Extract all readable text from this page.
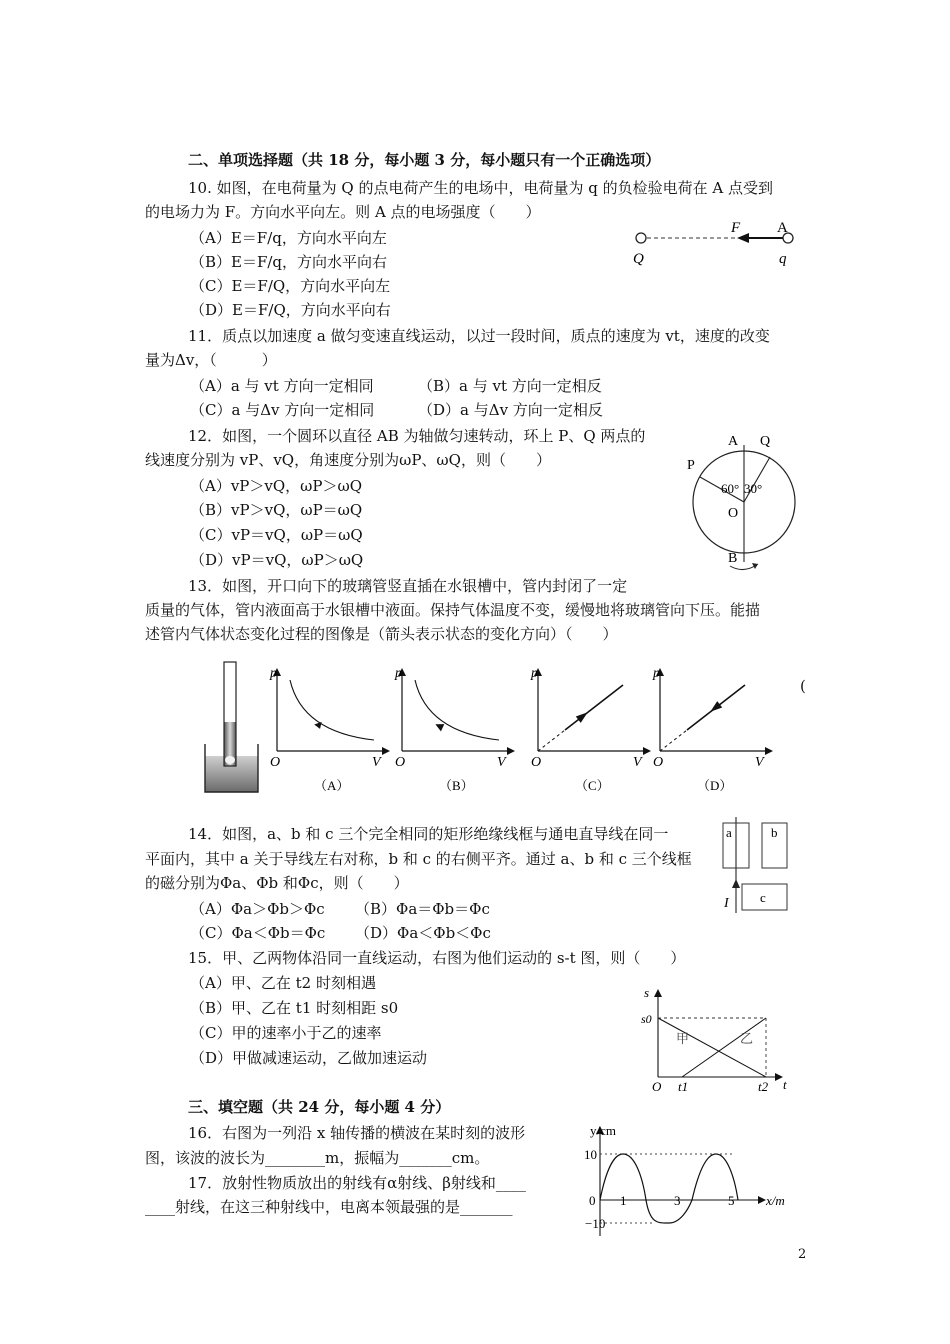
二、单项选择题（共 18 分，每小题 3 分，每小题只有一个正确选项）
10. 如图，在电荷量为 Q 的点电荷产生的电场中，电荷量为 q 的负检验电荷在 A 点受到
的电场力为 F。方向水平向左。则 A 点的电场强度（　　）
（A）E＝F/q，方向水平向左
（B）E＝F/q，方向水平向右
（C）E＝F/Q，方向水平向左
（D）E＝F/Q，方向水平向右
F A
Q	q
11．质点以加速度 a 做匀变速直线运动，以过一段时间，质点的速度为 vt，速度的改变
量为Δv，（　　　）
（A）a 与 vt 方向一定相同	（B）a 与 vt 方向一定相反
（C）a 与Δv 方向一定相同	（D）a 与Δv 方向一定相反
12．如图，一个圆环以直径 AB 为轴做匀速转动，环上 P、Q 两点的
线速度分别为 vP、vQ，角速度分别为ωP、ωQ，则（　　）
（A）vP＞vQ，ωP＞ωQ
（B）vP＞vQ，ωP＝ωQ
（C）vP＝vQ，ωP＝ωQ
（D）vP＝vQ，ωP＞ωQ
A Q
P
60° 30°
O
B
13．如图，开口向下的玻璃管竖直插在水银槽中，管内封闭了一定
质量的气体，管内液面高于水银槽中液面。保持气体温度不变，缓慢地将玻璃管向下压。能描
述管内气体状态变化过程的图像是（箭头表示状态的变化方向）（　　）
(
p
O	V
（A）
p
O	V
（B）
p
O	V
（C）
p
O	V
（D）
14．如图，a、b 和 c 三个完全相同的矩形绝缘线框与通电直导线在同一
平面内，其中 a 关于导线左右对称，b 和 c 的右侧平齐。通过 a、b 和 c 三个线框
的磁分别为Φa、Φb 和Φc，则（　　）
（A）Φa＞Φb＞Φc （B）Φa＝Φb＝Φc
（C）Φa＜Φb＝Φc （D）Φa＜Φb＜Φc
a	b
c
I
15．甲、乙两物体沿同一直线运动，右图为他们运动的 s-t 图，则（　　）
（A）甲、乙在 t2 时刻相遇
（B）甲、乙在 t1 时刻相距 s0
（C）甲的速率小于乙的速率
（D）甲做减速运动，乙做加速运动
s
s0
甲	乙
O t1	t2 t
三、填空题（共 24 分，每小题 4 分）
16．右图为一列沿 x 轴传播的横波在某时刻的波形
图，该波的波长为________m，振幅为_______cm。
17．放射性物质放出的射线有α射线、β射线和____
____射线，在这三种射线中，电离本领最强的是_______
y/cm
10
−10
0 1	3	5 x/m
2
